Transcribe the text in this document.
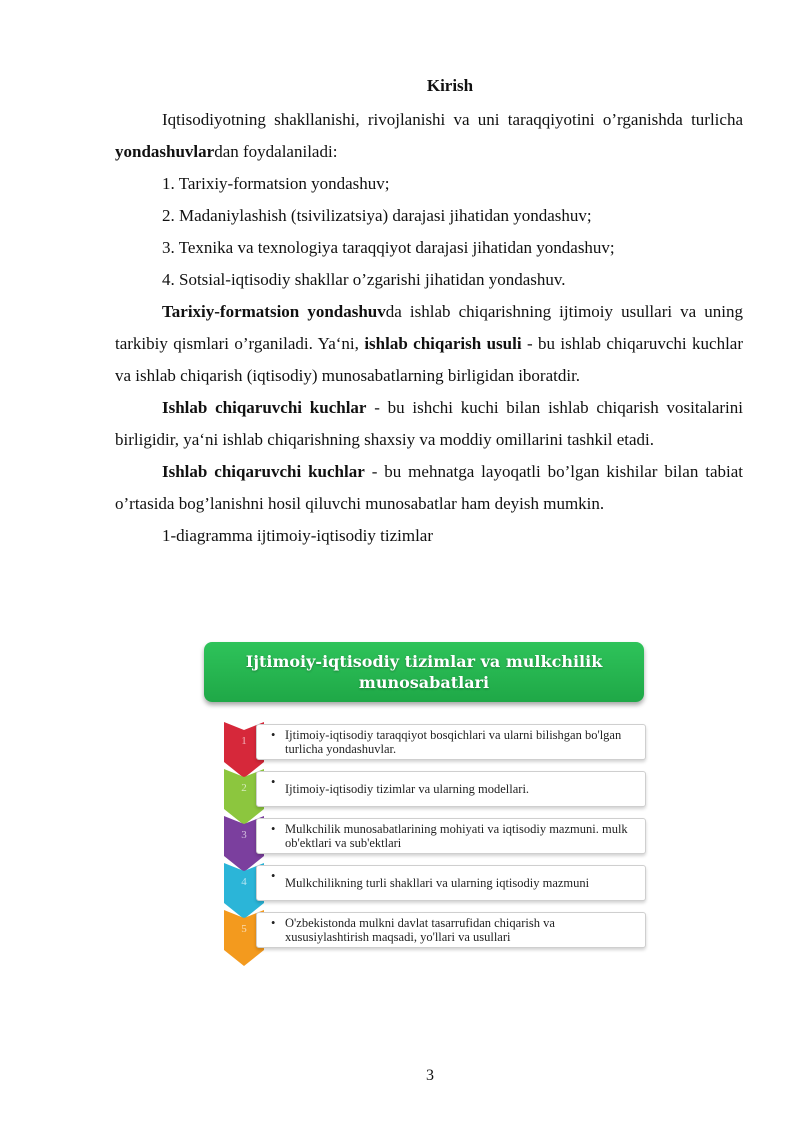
Kirish

Iqtisodiyotning shakllanishi, rivojlanishi va uni taraqqiyotini o’rganishda turlicha yondashuvlardan foydalaniladi:

1. Tarixiy-formatsion yondashuv;

2. Madaniylashish (tsivilizatsiya) darajasi jihatidan yondashuv;

3. Texnika va texnologiya taraqqiyot darajasi jihatidan yondashuv;

4. Sotsial-iqtisodiy shakllar o’zgarishi jihatidan yondashuv.

Tarixiy-formatsion yondashuvda ishlab chiqarishning ijtimoiy usullari va uning tarkibiy qismlari o’rganiladi. Ya‘ni, ishlab chiqarish usuli - bu ishlab chiqaruvchi kuchlar va ishlab chiqarish (iqtisodiy) munosabatlarning birligidan iboratdir.

Ishlab chiqaruvchi kuchlar - bu ishchi kuchi bilan ishlab chiqarish vositalarini birligidir, ya‘ni ishlab chiqarishning shaxsiy va moddiy omillarini tashkil etadi.

Ishlab chiqaruvchi kuchlar - bu mehnatga layoqatli bo’lgan kishilar bilan tabiat o’rtasida bog’lanishni hosil qiluvchi munosabatlar ham deyish mumkin.

1-diagramma ijtimoiy-iqtisodiy tizimlar

Ijtimoiy-iqtisodiy tizimlar va mulkchilik munosabatlari
1	• Ijtimoiy-iqtisodiy taraqqiyot bosqichlari va ularni bilishgan bo'lgan turlicha yondashuvlar.
2	• Ijtimoiy-iqtisodiy tizimlar va ularning modellari.
3	• Mulkchilik munosabatlarining mohiyati va iqtisodiy mazmuni. mulk ob'ektlari va sub'ektlari
4	• Mulkchilikning turli shakllari va ularning iqtisodiy mazmuni
5	• O'zbekistonda mulkni davlat tasarrufidan chiqarish va xususiylashtirish maqsadi, yo'llari va usullari
3
